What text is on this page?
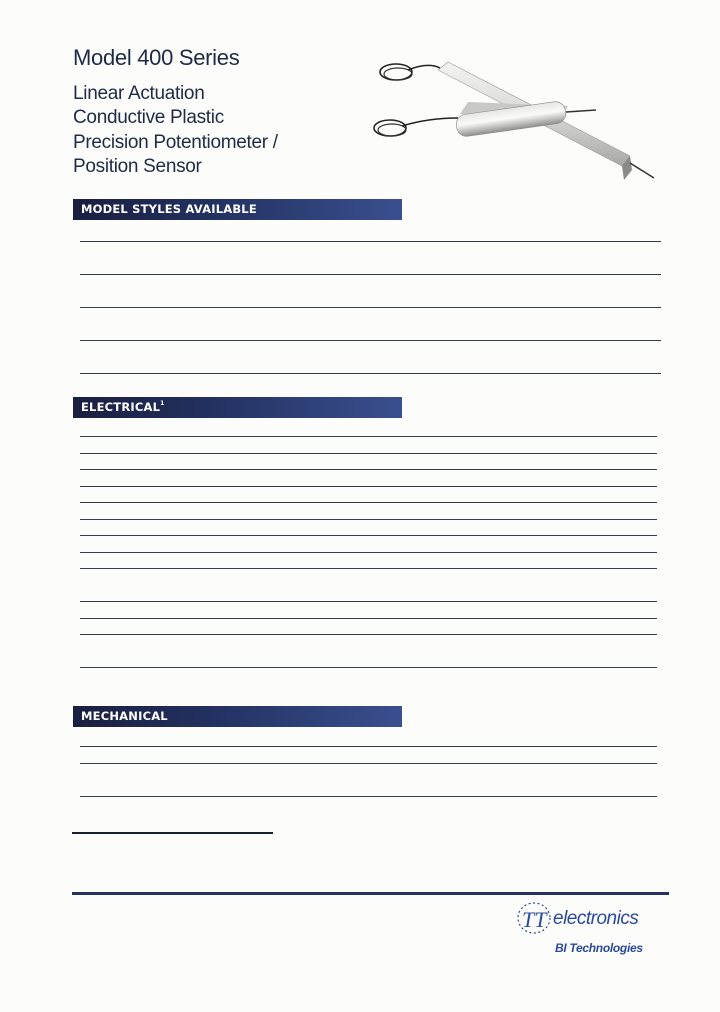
Model 400 Series
Linear Actuation
Conductive Plastic
Precision Potentiometer /
Position Sensor
MODEL STYLES AVAILABLE
ELECTRICAL$^1$
MECHANICAL
TT electronics
BI Technologies
